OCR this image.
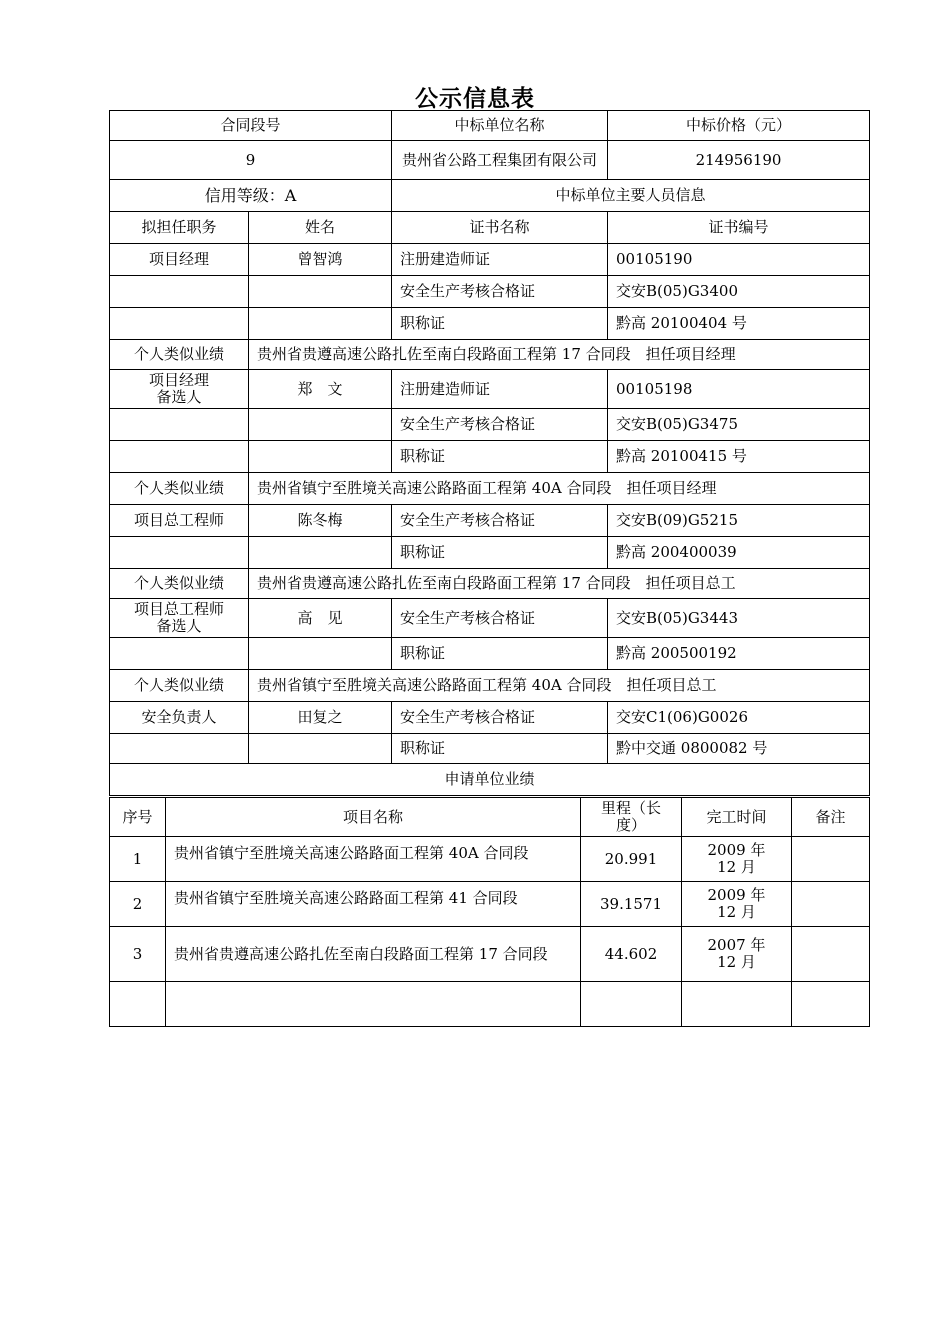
公示信息表
合同段号		中标单位名称	中标价格（元）
9		贵州省公路工程集团有限公司	214956190
信用等级：A		中标单位主要人员信息	
拟担任职务	姓名	证书名称	证书编号
项目经理	曾智鸿	注册建造师证	00105190
		安全生产考核合格证	交安B(05)G3400
		职称证	黔高 20100404 号
个人类似业绩	贵州省贵遵高速公路扎佐至南白段路面工程第 17 合同段　担任项目经理		
项目经理备选人	郑　文	注册建造师证	00105198
		安全生产考核合格证	交安B(05)G3475
		职称证	黔高 20100415 号
个人类似业绩	贵州省镇宁至胜境关高速公路路面工程第 40A 合同段　担任项目经理		
项目总工程师	陈冬梅	安全生产考核合格证	交安B(09)G5215
		职称证	黔高 200400039
个人类似业绩	贵州省贵遵高速公路扎佐至南白段路面工程第 17 合同段　担任项目总工		
项目总工程师备选人	高　见	安全生产考核合格证	交安B(05)G3443
		职称证	黔高 200500192
个人类似业绩	贵州省镇宁至胜境关高速公路路面工程第 40A 合同段　担任项目总工		
安全负责人	田复之	安全生产考核合格证	交安C1(06)G0026
		职称证	黔中交通 0800082 号
申请单位业绩			
序号	项目名称	里程（长度）	完工时间	备注
1	贵州省镇宁至胜境关高速公路路面工程第 40A 合同段	20.991	2009 年 12 月	
2	贵州省镇宁至胜境关高速公路路面工程第 41 合同段	39.1571	2009 年 12 月	
3	贵州省贵遵高速公路扎佐至南白段路面工程第 17 合同段	44.602	2007 年 12 月	
